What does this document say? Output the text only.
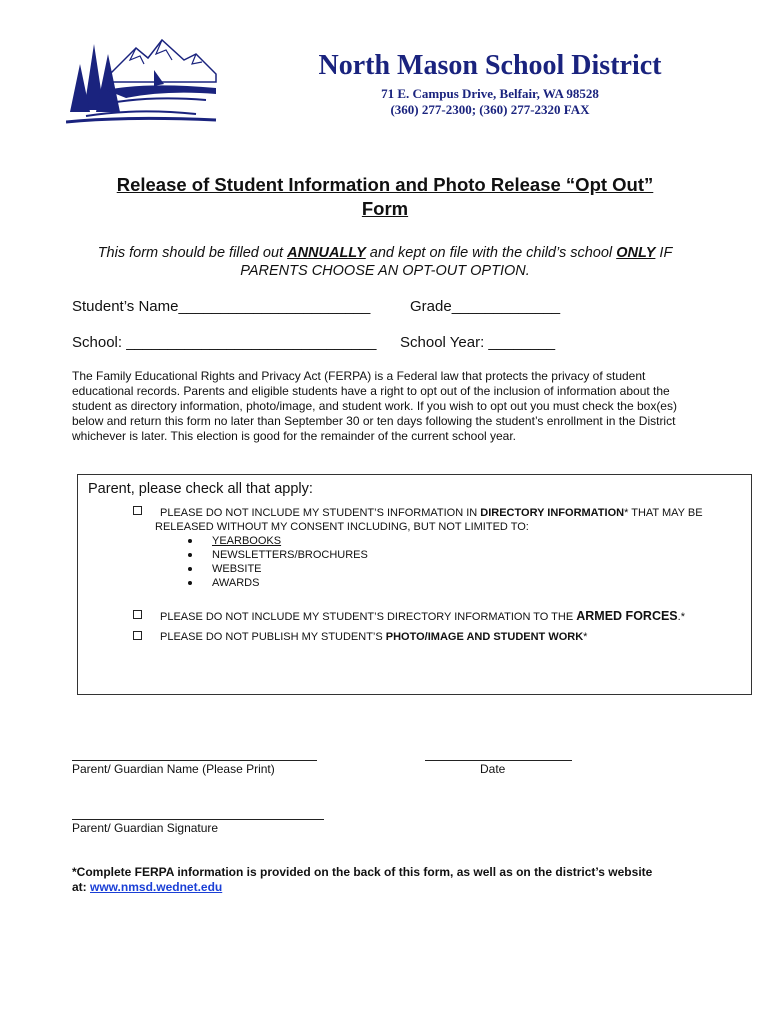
North Mason School District
71 E. Campus Drive, Belfair, WA 98528
(360) 277-2300; (360) 277-2320 FAX
Release of Student Information and Photo Release “Opt Out”
Form
This form should be filled out ANNUALLY and kept on file with the child’s school ONLY IF
PARENTS CHOOSE AN OPT-OUT OPTION.
Student’s Name_______________________	Grade_____________
School: ______________________________ School Year: ________
The Family Educational Rights and Privacy Act (FERPA) is a Federal law that protects the privacy of student educational records. Parents and eligible students have a right to opt out of the inclusion of information about the student as directory information, photo/image, and student work. If you wish to opt out you must check the box(es) below and return this form no later than September 30 or ten days following the student’s enrollment in the District whichever is later. This election is good for the remainder of the current school year.
Parent, please check all that apply:
PLEASE DO NOT INCLUDE MY STUDENT’S INFORMATION IN DIRECTORY INFORMATION* THAT MAY BE
RELEASED WITHOUT MY CONSENT INCLUDING, BUT NOT LIMITED TO:
YEARBOOKS
NEWSLETTERS/BROCHURES
WEBSITE
AWARDS
PLEASE DO NOT INCLUDE MY STUDENT’S DIRECTORY INFORMATION TO THE ARMED FORCES.*
PLEASE DO NOT PUBLISH MY STUDENT’S PHOTO/IMAGE AND STUDENT WORK*
Parent/ Guardian Name (Please Print)	Date
Parent/ Guardian Signature
*Complete FERPA information is provided on the back of this form, as well as on the district’s website
at: www.nmsd.wednet.edu
